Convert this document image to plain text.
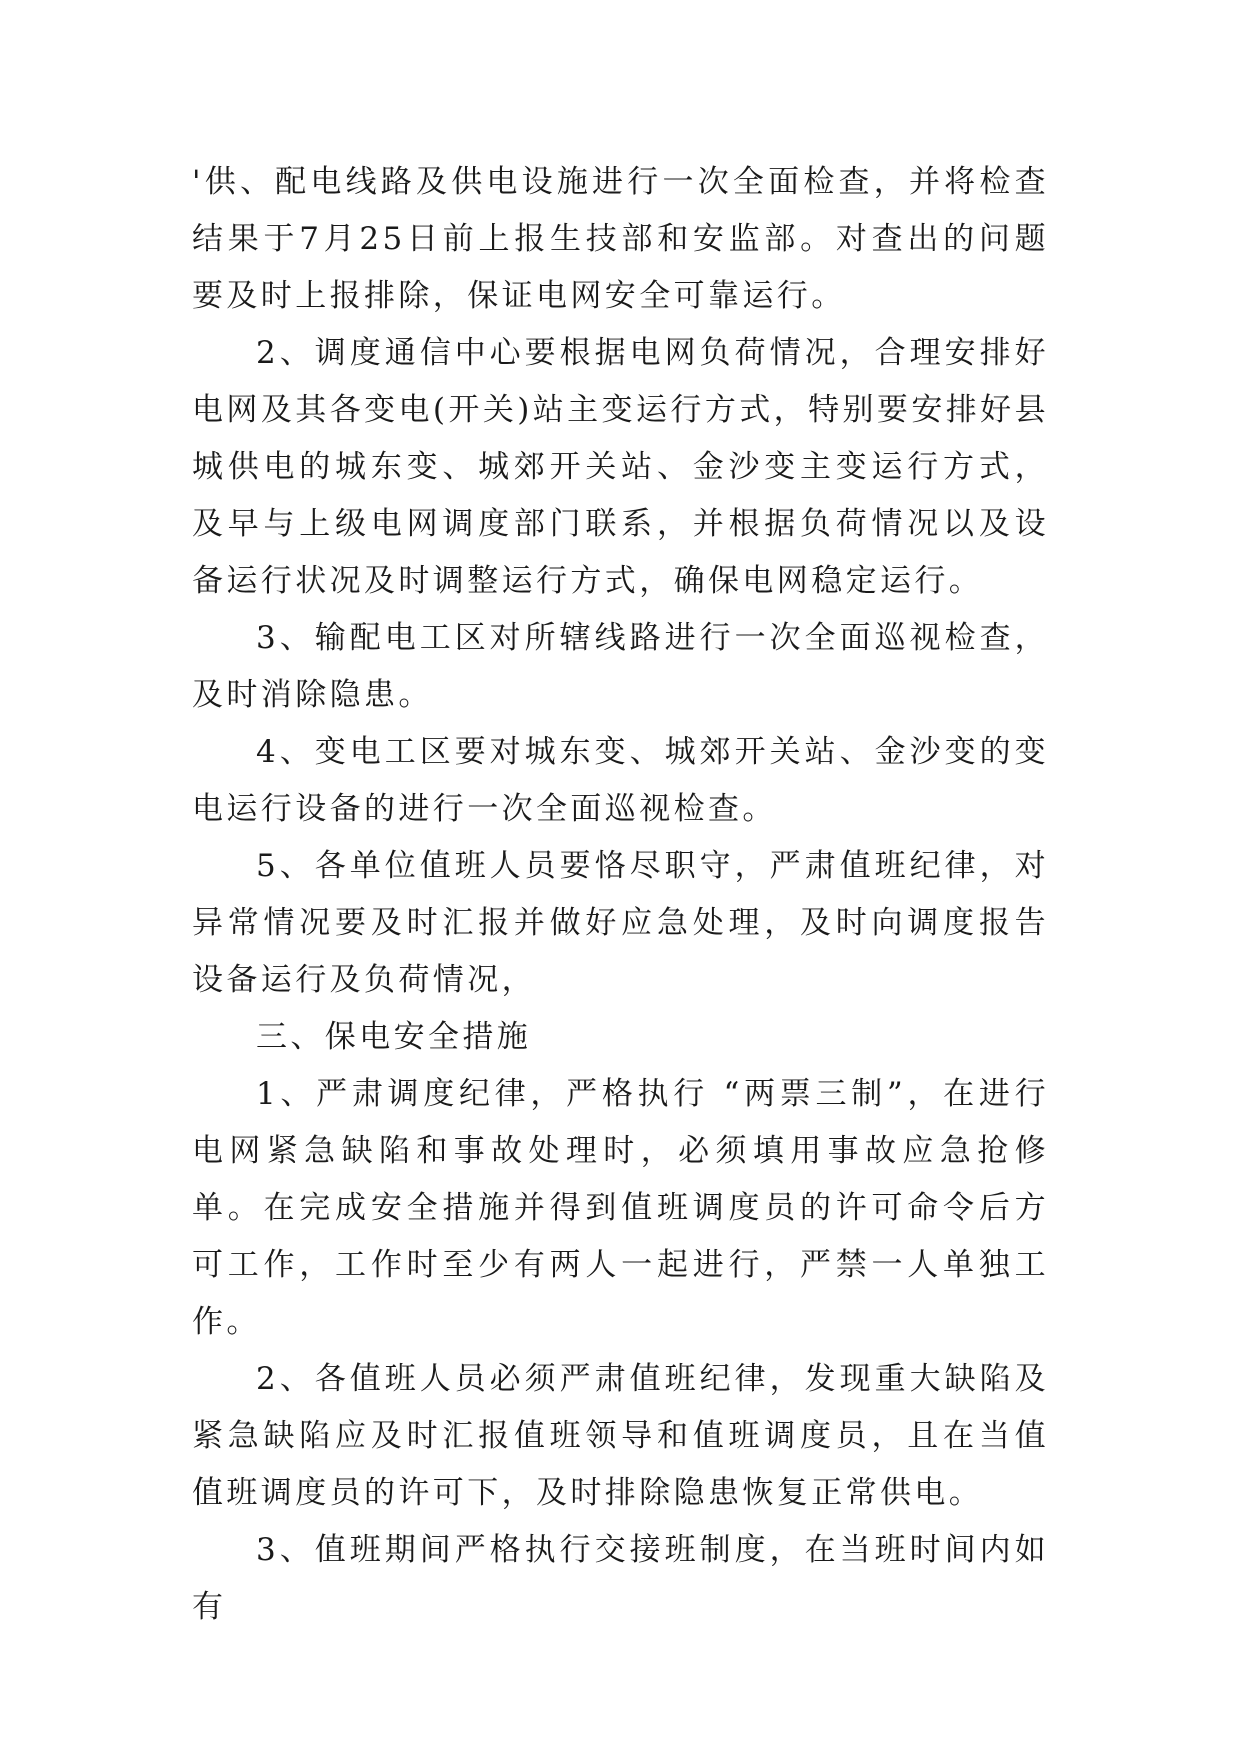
'供、配电线路及供电设施进行一次全面检查，并将检查结果于7月25日前上报生技部和安监部。对查出的问题要及时上报排除，保证电网安全可靠运行。

2、调度通信中心要根据电网负荷情况，合理安排好电网及其各变电(开关)站主变运行方式，特别要安排好县城供电的城东变、城郊开关站、金沙变主变运行方式，及早与上级电网调度部门联系，并根据负荷情况以及设备运行状况及时调整运行方式，确保电网稳定运行。

3、输配电工区对所辖线路进行一次全面巡视检查，及时消除隐患。

4、变电工区要对城东变、城郊开关站、金沙变的变电运行设备的进行一次全面巡视检查。

5、各单位值班人员要恪尽职守，严肃值班纪律，对异常情况要及时汇报并做好应急处理，及时向调度报告设备运行及负荷情况，

三、保电安全措施

1、严肃调度纪律，严格执行 “两票三制”，在进行电网紧急缺陷和事故处理时，必须填用事故应急抢修单。在完成安全措施并得到值班调度员的许可命令后方可工作，工作时至少有两人一起进行，严禁一人单独工作。

2、各值班人员必须严肃值班纪律，发现重大缺陷及紧急缺陷应及时汇报值班领导和值班调度员，且在当值值班调度员的许可下，及时排除隐患恢复正常供电。

3、值班期间严格执行交接班制度，在当班时间内如有
